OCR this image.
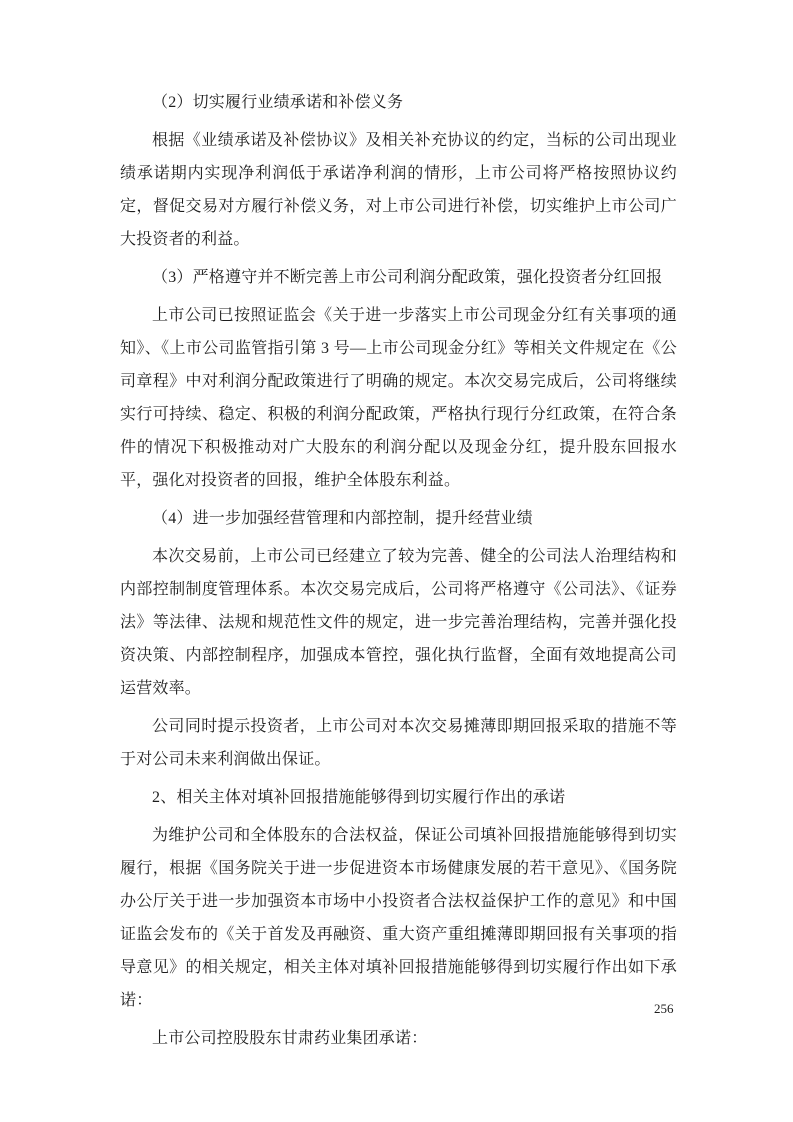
（2）切实履行业绩承诺和补偿义务

根据《业绩承诺及补偿协议》及相关补充协议的约定，当标的公司出现业绩承诺期内实现净利润低于承诺净利润的情形，上市公司将严格按照协议约定，督促交易对方履行补偿义务，对上市公司进行补偿，切实维护上市公司广大投资者的利益。

（3）严格遵守并不断完善上市公司利润分配政策，强化投资者分红回报

上市公司已按照证监会《关于进一步落实上市公司现金分红有关事项的通知》、《上市公司监管指引第 3 号—上市公司现金分红》等相关文件规定在《公司章程》中对利润分配政策进行了明确的规定。本次交易完成后，公司将继续实行可持续、稳定、积极的利润分配政策，严格执行现行分红政策，在符合条件的情况下积极推动对广大股东的利润分配以及现金分红，提升股东回报水平，强化对投资者的回报，维护全体股东利益。

（4）进一步加强经营管理和内部控制，提升经营业绩

本次交易前，上市公司已经建立了较为完善、健全的公司法人治理结构和内部控制制度管理体系。本次交易完成后，公司将严格遵守《公司法》、《证券法》等法律、法规和规范性文件的规定，进一步完善治理结构，完善并强化投资决策、内部控制程序，加强成本管控，强化执行监督，全面有效地提高公司运营效率。

公司同时提示投资者，上市公司对本次交易摊薄即期回报采取的措施不等于对公司未来利润做出保证。

2、相关主体对填补回报措施能够得到切实履行作出的承诺

为维护公司和全体股东的合法权益，保证公司填补回报措施能够得到切实履行，根据《国务院关于进一步促进资本市场健康发展的若干意见》、《国务院办公厅关于进一步加强资本市场中小投资者合法权益保护工作的意见》和中国证监会发布的《关于首发及再融资、重大资产重组摊薄即期回报有关事项的指导意见》的相关规定，相关主体对填补回报措施能够得到切实履行作出如下承诺：

上市公司控股股东甘肃药业集团承诺：

256
